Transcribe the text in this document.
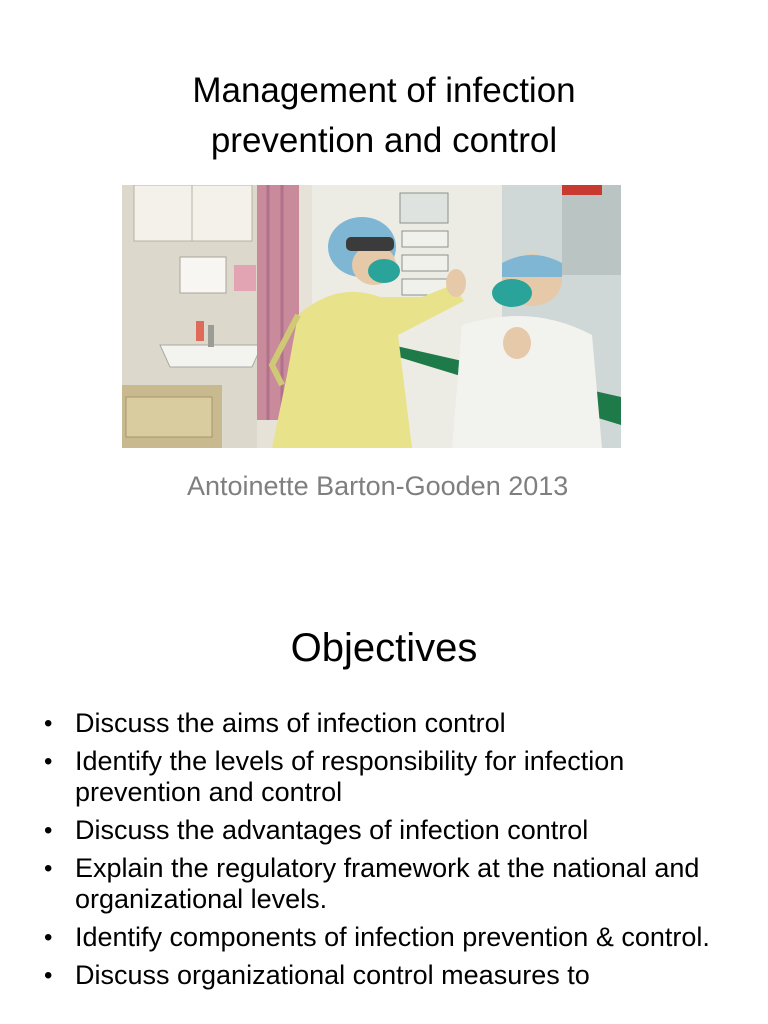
Management of infection
prevention and control

Antoinette Barton-Gooden 2013

Objectives
• Discuss the aims of infection control
• Identify the levels of responsibility for infection prevention and control
• Discuss the advantages of infection control
• Explain the regulatory framework at the national and organizational levels.
• Identify components of infection prevention & control.
• Discuss organizational control measures to
